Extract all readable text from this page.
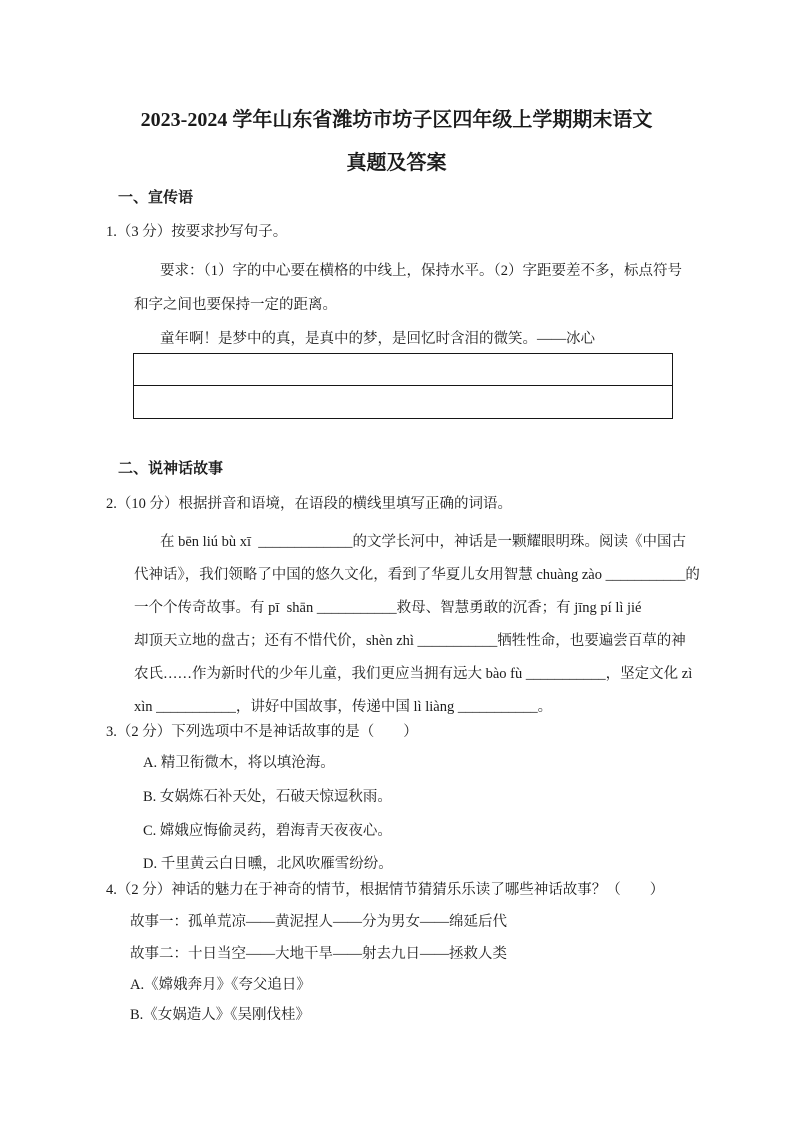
2023-2024 学年山东省潍坊市坊子区四年级上学期期末语文
真题及答案
一、宣传语
1.（3 分）按要求抄写句子。
要求：（1）字的中心要在横格的中线上，保持水平。（2）字距要差不多，标点符号
和字之间也要保持一定的距离。
童年啊！是梦中的真，是真中的梦，是回忆时含泪的微笑。——冰心
二、说神话故事
2.（10 分）根据拼音和语境，在语段的横线里填写正确的词语。
在 bēn liú bù xī  _____________的文学长河中，神话是一颗耀眼明珠。阅读《中国古
代神话》，我们领略了中国的悠久文化，看到了华夏儿女用智慧 chuàng zào ___________的
一个个传奇故事。有 pī  shān ___________救母、智慧勇敢的沉香；有 jīng pí lì jié
却顶天立地的盘古；还有不惜代价，shèn zhì ___________牺牲性命，也要遍尝百草的神
农氏……作为新时代的少年儿童，我们更应当拥有远大 bào fù ___________，坚定文化 zì
xìn ___________，讲好中国故事，传递中国 lì liàng ___________。
3.（2 分）下列选项中不是神话故事的是（        ）
A. 精卫衔微木，将以填沧海。
B. 女娲炼石补天处，石破天惊逗秋雨。
C. 嫦娥应悔偷灵药，碧海青天夜夜心。
D. 千里黄云白日曛，北风吹雁雪纷纷。
4.（2 分）神话的魅力在于神奇的情节，根据情节猜猜乐乐读了哪些神话故事？（        ）
故事一：孤单荒凉——黄泥捏人——分为男女——绵延后代
故事二：十日当空——大地干旱——射去九日——拯救人类
A.《嫦娥奔月》《夸父追日》
B.《女娲造人》《吴刚伐桂》
